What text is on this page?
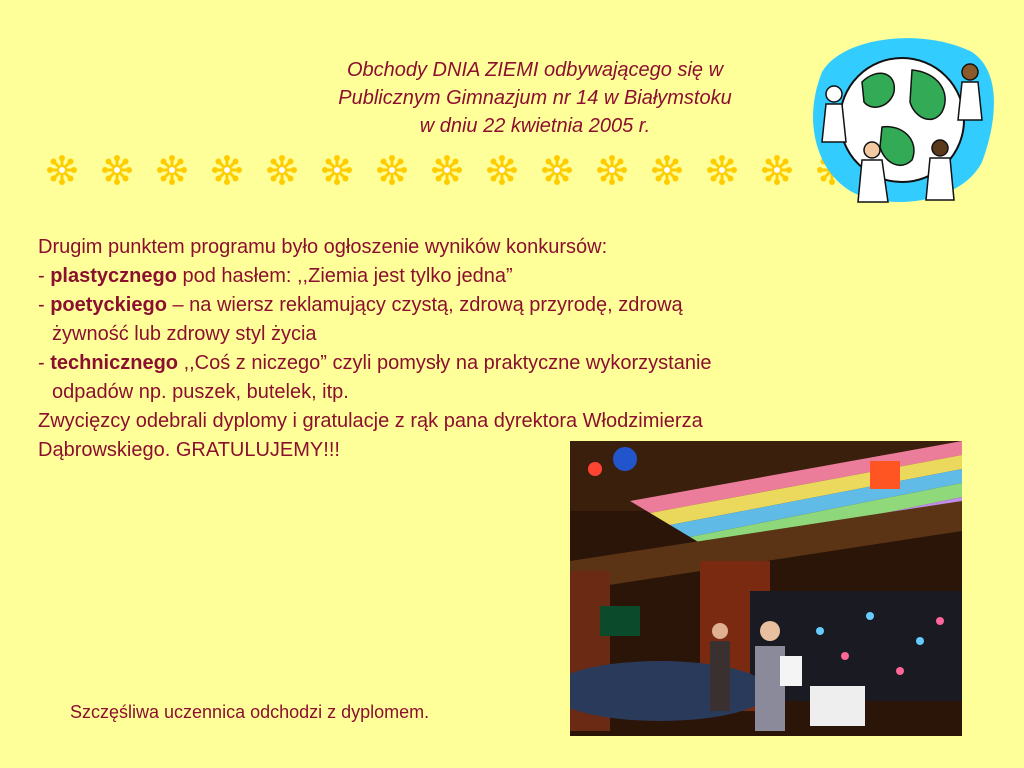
Obchody DNIA ZIEMI odbywającego się w
Publicznym Gimnazjum nr 14 w Białymstoku
w dniu 22 kwietnia 2005 r.
Drugim punktem programu było ogłoszenie wyników konkursów:
- plastycznego pod hasłem: ,,Ziemia jest tylko jedna”
- poetyckiego – na wiersz reklamujący czystą, zdrową przyrodę, zdrową
żywność lub zdrowy styl życia
- technicznego ,,Coś z niczego” czyli pomysły na praktyczne wykorzystanie
odpadów np. puszek, butelek, itp.
Zwycięzcy odebrali dyplomy i gratulacje z rąk pana dyrektora Włodzimierza
Dąbrowskiego. GRATULUJEMY!!!
Szczęśliwa uczennica odchodzi z dyplomem.
